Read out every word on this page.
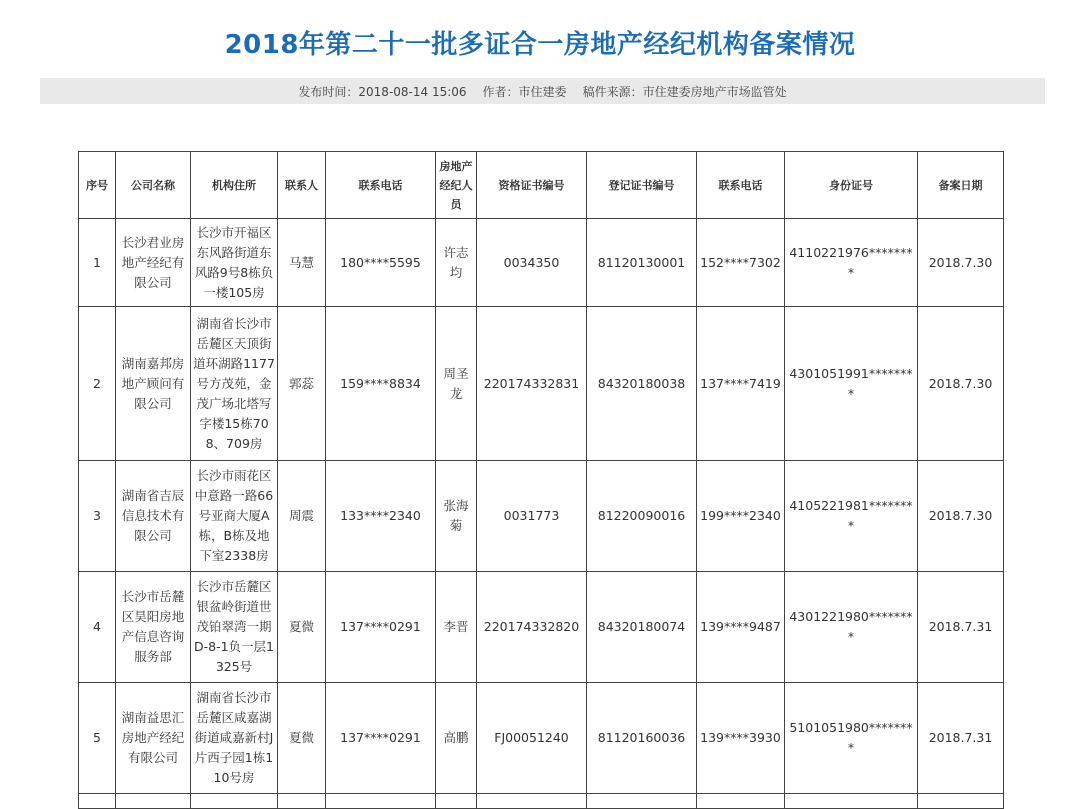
2018年第二十一批多证合一房地产经纪机构备案情况
发布时间：2018-08-14 15:06 作者：市住建委 稿件来源：市住建委房地产市场监管处
序号	公司名称	机构住所	联系人	联系电话	房地产经纪人员	资格证书编号	登记证书编号	联系电话	身份证号	备案日期
1	长沙君业房地产经纪有限公司	长沙市开福区东风路街道东风路9号8栋负一楼105房	马慧	180****5595	许志均	0034350	81120130001	152****7302	4110221976********	2018.7.30
2	湖南嘉邦房地产顾问有限公司	湖南省长沙市岳麓区天顶街道环湖路1177号方茂苑，金茂广场北塔写字楼15栋708、709房	郭蕊	159****8834	周圣龙	220174332831	84320180038	137****7419	4301051991********	2018.7.30
3	湖南省吉辰信息技术有限公司	长沙市雨花区中意路一路66号亚商大厦A栋，B栋及地下室2338房	周震	133****2340	张海菊	0031773	81220090016	199****2340	4105221981********	2018.7.30
4	长沙市岳麓区昊阳房地产信息咨询服务部	长沙市岳麓区银盆岭街道世茂铂翠湾一期D-8-1负一层1325号	夏微	137****0291	李晋	220174332820	84320180074	139****9487	4301221980********	2018.7.31
5	湖南益思汇房地产经纪有限公司	湖南省长沙市岳麓区咸嘉湖街道咸嘉新村J片西子园1栋110号房	夏微	137****0291	高鹏	FJ00051240	81120160036	139****3930	5101051980********	2018.7.31
